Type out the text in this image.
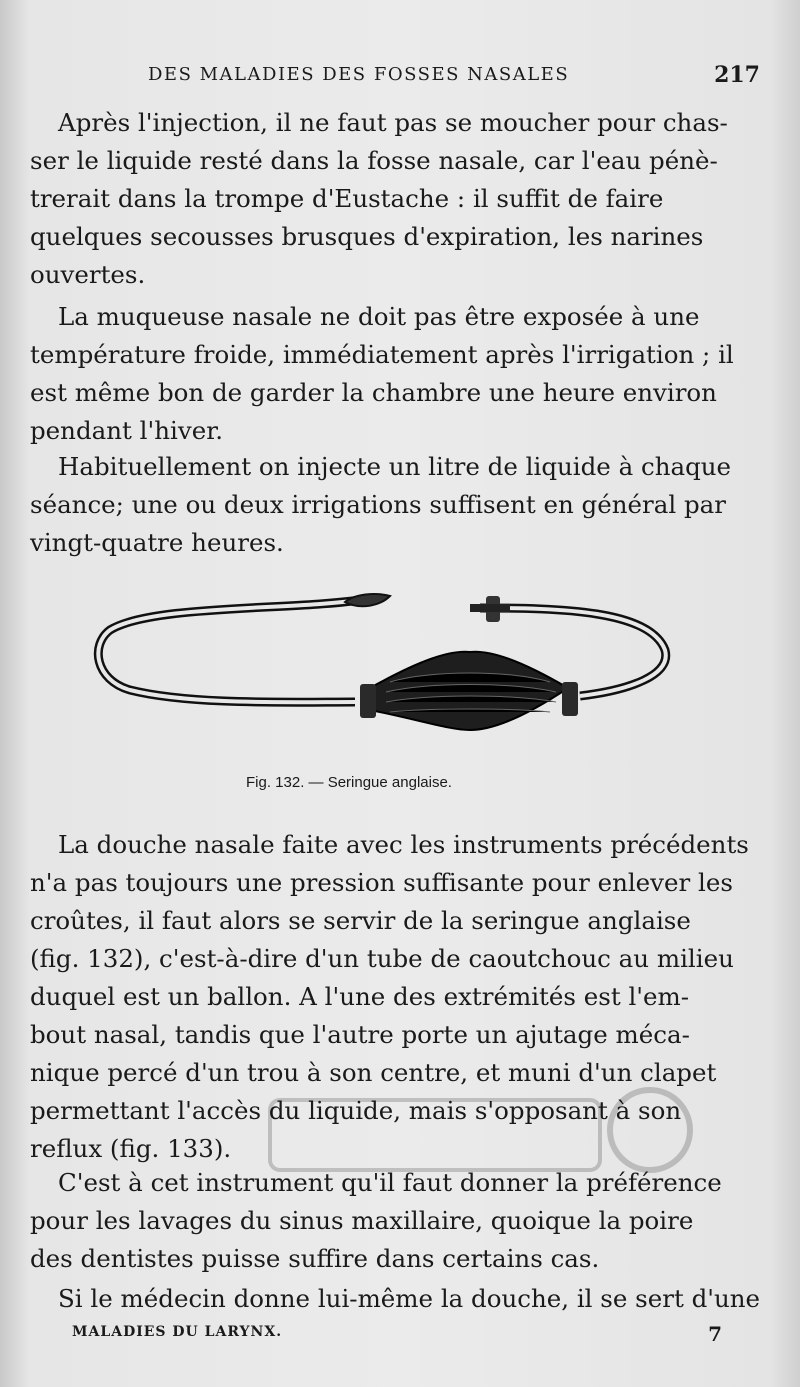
DES MALADIES DES FOSSES NASALES	217

Après l'injection, il ne faut pas se moucher pour chas-
ser le liquide resté dans la fosse nasale, car l'eau pénè-
trerait dans la trompe d'Eustache : il suffit de faire
quelques secousses brusques d'expiration, les narines
ouvertes.

La muqueuse nasale ne doit pas être exposée à une
température froide, immédiatement après l'irrigation ; il
est même bon de garder la chambre une heure environ
pendant l'hiver.

Habituellement on injecte un litre de liquide à chaque
séance; une ou deux irrigations suffisent en général par
vingt-quatre heures.

Fig. 132. — Seringue anglaise.

La douche nasale faite avec les instruments précédents
n'a pas toujours une pression suffisante pour enlever les
croûtes, il faut alors se servir de la seringue anglaise
(fig. 132), c'est-à-dire d'un tube de caoutchouc au milieu
duquel est un ballon. A l'une des extrémités est l'em-
bout nasal, tandis que l'autre porte un ajutage méca-
nique percé d'un trou à son centre, et muni d'un clapet
permettant l'accès du liquide, mais s'opposant à son
reflux (fig. 133).

C'est à cet instrument qu'il faut donner la préférence
pour les lavages du sinus maxillaire, quoique la poire
des dentistes puisse suffire dans certains cas.

Si le médecin donne lui-même la douche, il se sert d'une

MALADIES DU LARYNX.	7
